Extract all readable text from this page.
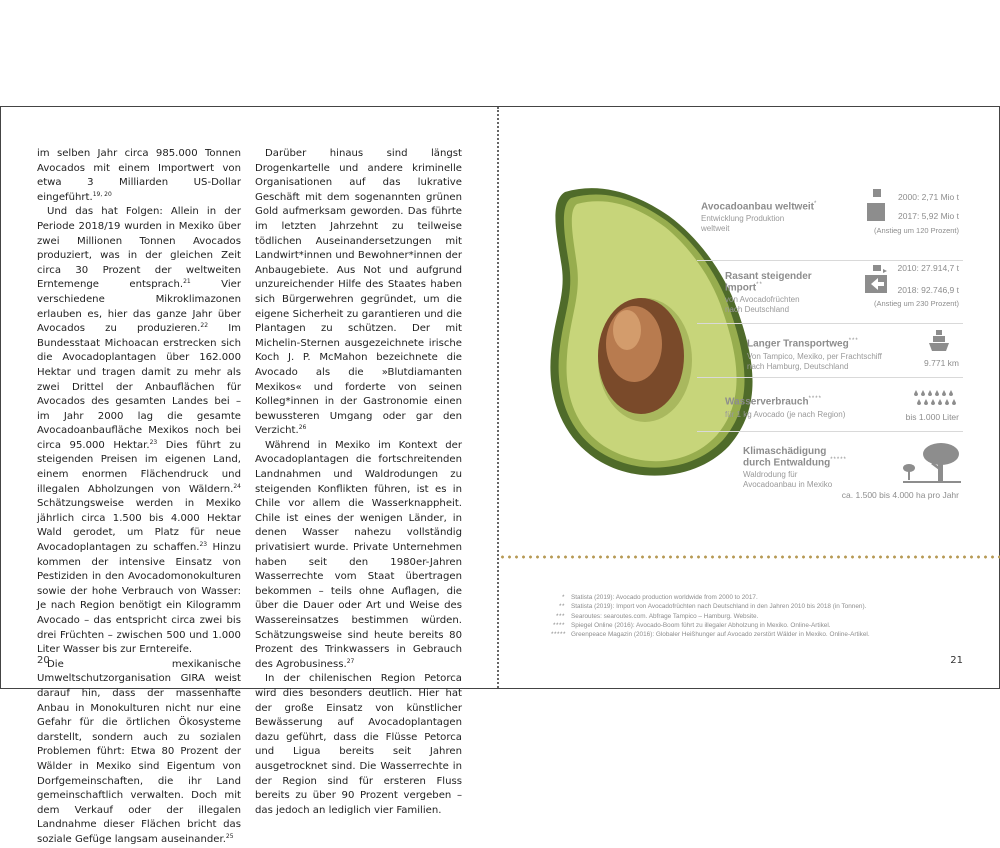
im selben Jahr circa 985.000 Tonnen Avocados mit einem Importwert von etwa 3 Milliarden US-Dollar eingeführt.$^{19, 20}$

Und das hat Folgen: Allein in der Periode 2018/19 wurden in Mexiko über zwei Millionen Tonnen Avocados produziert, was in der gleichen Zeit circa 30 Prozent der weltweiten Erntemenge entsprach.$^{21}$	Vier verschiedene Mikroklimazonen erlauben es, hier das ganze Jahr über Avocados zu produzieren.$^{22}$ Im Bundesstaat Michoacan erstrecken sich die Avocadoplantagen über 162.000 Hektar und tragen damit zu mehr als zwei Drittel der Anbauflächen für Avocados des gesamten Landes bei – im Jahr 2000 lag die gesamte Avocadoanbaufläche Mexikos noch bei circa 95.000 Hektar.$^{23}$ Dies führt zu steigenden Preisen im eigenen Land, einem enormen Flächendruck und illegalen Abholzungen von Wäldern.$^{24}$ Schätzungsweise werden in Mexiko jährlich circa 1.500 bis 4.000 Hektar Wald gerodet, um Platz für neue Avocadoplantagen zu schaffen.$^{23}$ Hinzu kommen der intensive Einsatz von Pestiziden in den Avocadomonokulturen sowie der hohe Verbrauch von Wasser: Je nach Region benötigt ein Kilogramm Avocado – das entspricht circa zwei bis drei Früchten – zwischen 500 und 1.000 Liter Wasser bis zur Erntereife.

Die mexikanische Umweltschutzorganisation GIRA weist darauf hin, dass der massenhafte Anbau in Monokulturen nicht nur eine Gefahr für die örtlichen Ökosysteme darstellt, sondern auch zu sozialen Problemen führt: Etwa 80 Prozent der Wälder in Mexiko sind Eigentum von Dorfgemeinschaften, die ihr Land gemeinschaftlich verwalten. Doch mit dem Verkauf oder der illegalen Landnahme dieser Flächen bricht das soziale Gefüge langsam auseinander.$^{25}$

Darüber hinaus sind längst Drogenkartelle und andere kriminelle Organisationen auf das lukrative Geschäft mit dem sogenannten grünen Gold aufmerksam geworden. Das führte im letzten Jahrzehnt zu teilweise tödlichen Auseinandersetzungen mit Landwirt*innen und Bewohner*innen der Anbaugebiete. Aus Not und aufgrund unzureichender Hilfe des Staates haben sich Bürgerwehren gegründet, um die eigene Sicherheit zu garantieren und die Plantagen zu schützen. Der mit Michelin-Sternen ausgezeichnete irische Koch J. P. McMahon bezeichnete die Avocado als die »Blutdiamanten Mexikos« und forderte von seinen Kolleg*innen in der Gastronomie einen bewussteren Umgang oder gar den Verzicht.$^{26}$

Während in Mexiko im Kontext der Avocadoplantagen die fortschreitenden Landnahmen und Waldrodungen zu steigenden Konflikten führen, ist es in Chile vor allem die Wasserknappheit. Chile ist eines der wenigen Länder, in denen Wasser nahezu vollständig privatisiert wurde. Private Unternehmen haben seit den 1980er-Jahren Wasserrechte vom Staat übertragen bekommen – teils ohne Auflagen, die über die Dauer oder Art und Weise des Wassereinsatzes bestimmen würden. Schätzungsweise sind heute bereits 80 Prozent des Trinkwassers in Gebrauch des Agrobusiness.$^{27}$

In der chilenischen Region Petorca wird dies besonders deutlich. Hier hat der große Einsatz von künstlicher Bewässerung auf Avocadoplantagen dazu geführt, dass die Flüsse Petorca und Ligua bereits seit Jahren ausgetrocknet sind. Die Wasserrechte in der Region sind für ersteren Fluss bereits zu über 90 Prozent vergeben – das jedoch an lediglich vier Familien.

20
Avocadoanbau weltweit*
Entwicklung Produktion
weltweit
2000: 2,71 Mio t
2017: 5,92 Mio t
(Anstieg um 120 Prozent)
Rasant steigender
Import**
von Avocadofrüchten
nach Deutschland
2010: 27.914,7 t
2018: 92.746,9 t
(Anstieg um 230 Prozent)
Langer Transportweg***
Von Tampico, Mexiko, per Frachtschiff
nach Hamburg, Deutschland	9.771 km
Wasserverbrauch****
für 1 kg Avocado (je nach Region)	bis 1.000 Liter
Klimaschädigung
durch Entwaldung*****
Waldrodung für
Avocadoanbau in Mexiko
ca. 1.500 bis 4.000 ha pro Jahr
* Statista (2019): Avocado production worldwide from 2000 to 2017.
** Statista (2019): Import von Avocadofrüchten nach Deutschland in den Jahren 2010 bis 2018 (in Tonnen).
*** Searoutes: searoutes.com. Abfrage Tampico – Hamburg. Website.
**** Spiegel Online (2016): Avocado-Boom führt zu illegaler Abholzung in Mexiko. Online-Artikel.
***** Greenpeace Magazin (2016): Globaler Heißhunger auf Avocado zerstört Wälder in Mexiko. Online-Artikel.
21
